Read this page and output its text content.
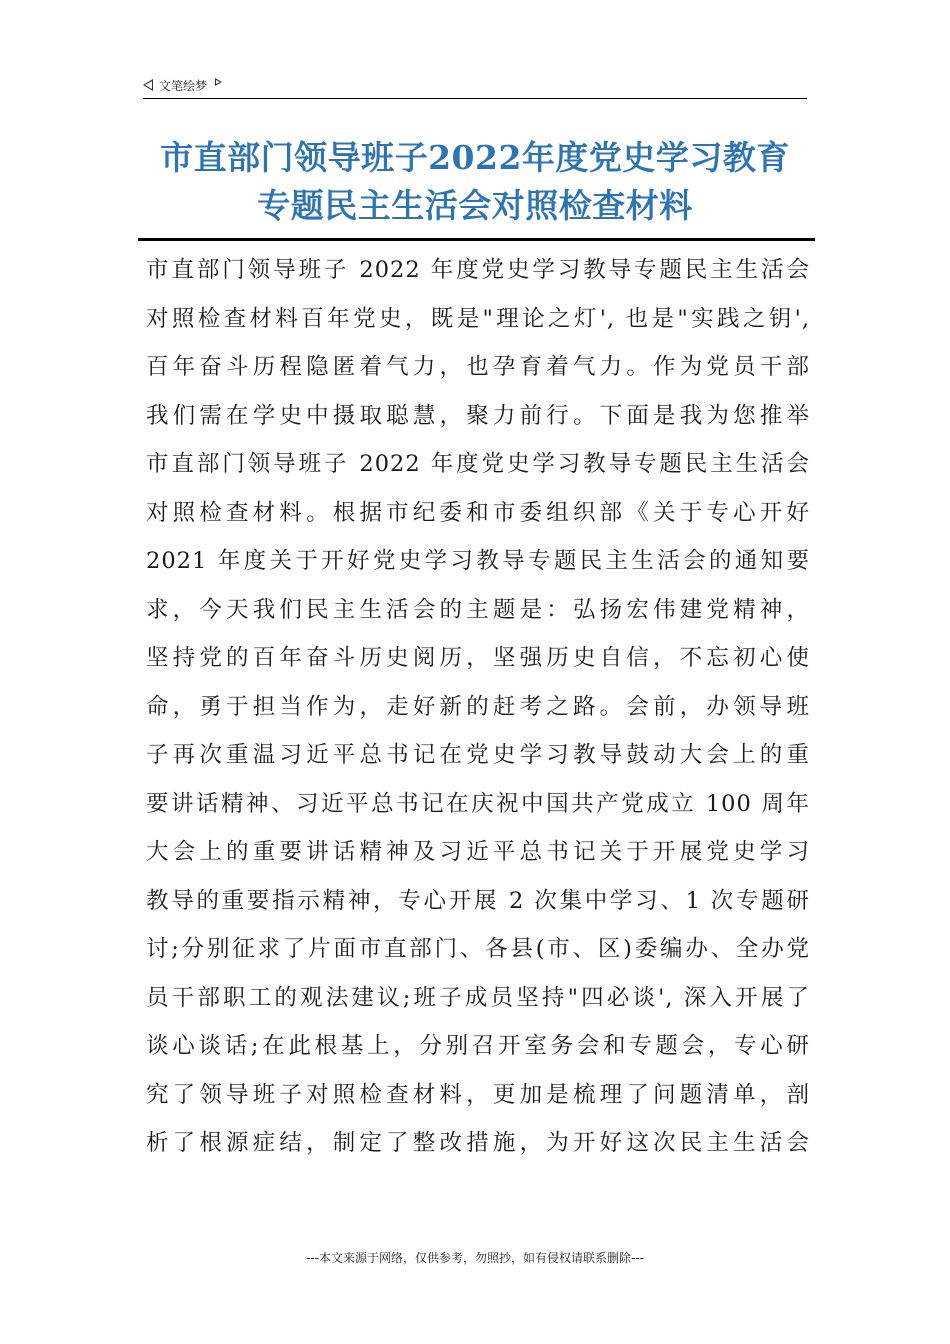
文笔绘梦
市直部门领导班子2022年度党史学习教育
专题民主生活会对照检查材料
市直部门领导班子 2022 年度党史学习教导专题民主生活会
对照检查材料百年党史，既是"理论之灯', 也是"实践之钥',
百年奋斗历程隐匿着气力，也孕育着气力。作为党员干部
我们需在学史中摄取聪慧，聚力前行。下面是我为您推举
市直部门领导班子 2022 年度党史学习教导专题民主生活会
对照检查材料。根据市纪委和市委组织部《关于专心开好
2021 年度关于开好党史学习教导专题民主生活会的通知要
求，今天我们民主生活会的主题是：弘扬宏伟建党精神，
坚持党的百年奋斗历史阅历，坚强历史自信，不忘初心使
命，勇于担当作为，走好新的赶考之路。会前，办领导班
子再次重温习近平总书记在党史学习教导鼓动大会上的重
要讲话精神、习近平总书记在庆祝中国共产党成立 100 周年
大会上的重要讲话精神及习近平总书记关于开展党史学习
教导的重要指示精神，专心开展 2 次集中学习、1 次专题研
讨;分别征求了片面市直部门、各县(市、区)委编办、全办党
员干部职工的观法建议;班子成员坚持"四必谈', 深入开展了
谈心谈话;在此根基上，分别召开室务会和专题会，专心研
究了领导班子对照检查材料，更加是梳理了问题清单，剖
析了根源症结，制定了整改措施，为开好这次民主生活会
---本文来源于网络，仅供参考，勿照抄，如有侵权请联系删除---
